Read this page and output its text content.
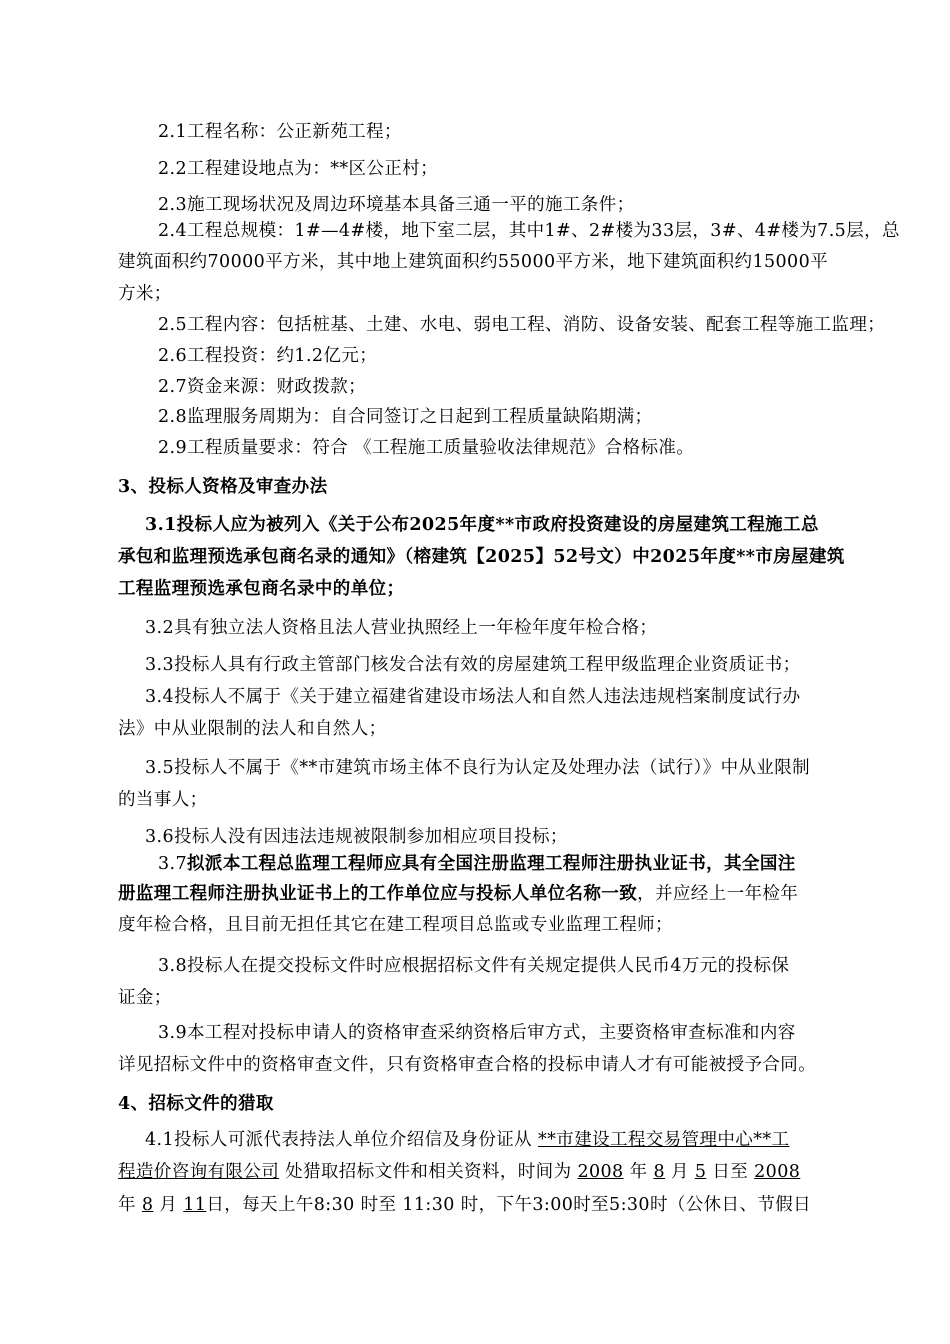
2.1工程名称：公正新苑工程；
2.2工程建设地点为：**区公正村；
2.3施工现场状况及周边环境基本具备三通一平的施工条件；
2.4工程总规模：1#—4#楼，地下室二层，其中1#、2#楼为33层，3#、4#楼为7.5层，总
建筑面积约70000平方米，其中地上建筑面积约55000平方米，地下建筑面积约15000平
方米；
2.5工程内容：包括桩基、土建、水电、弱电工程、消防、设备安装、配套工程等施工监理；
2.6工程投资：约1.2亿元；
2.7资金来源：财政拨款；
2.8监理服务周期为：自合同签订之日起到工程质量缺陷期满；
2.9工程质量要求：符合 《工程施工质量验收法律规范》合格标准。
3、投标人资格及审查办法
3.1投标人应为被列入《关于公布2025年度**市政府投资建设的房屋建筑工程施工总
承包和监理预选承包商名录的通知》（榕建筑【2025】52号文）中2025年度**市房屋建筑
工程监理预选承包商名录中的单位；
3.2具有独立法人资格且法人营业执照经上一年检年度年检合格；
3.3投标人具有行政主管部门核发合法有效的房屋建筑工程甲级监理企业资质证书；
3.4投标人不属于《关于建立福建省建设市场法人和自然人违法违规档案制度试行办
法》中从业限制的法人和自然人；
3.5投标人不属于《**市建筑市场主体不良行为认定及处理办法（试行）》中从业限制
的当事人；
3.6投标人没有因违法违规被限制参加相应项目投标；
3.7拟派本工程总监理工程师应具有全国注册监理工程师注册执业证书，其全国注
册监理工程师注册执业证书上的工作单位应与投标人单位名称一致，并应经上一年检年
度年检合格，且目前无担任其它在建工程项目总监或专业监理工程师；
3.8投标人在提交投标文件时应根据招标文件有关规定提供人民币4万元的投标保
证金；
3.9本工程对投标申请人的资格审查采纳资格后审方式，主要资格审查标准和内容
详见招标文件中的资格审查文件，只有资格审查合格的投标申请人才有可能被授予合同。
4、招标文件的猎取
4.1投标人可派代表持法人单位介绍信及身份证从 **市建设工程交易管理中心**工
程造价咨询有限公司 处猎取招标文件和相关资料，时间为 2008 年 8 月 5 日至 2008
年 8 月 11日，每天上午8:30 时至 11:30 时，下午3:00时至5:30时（公休日、节假日
